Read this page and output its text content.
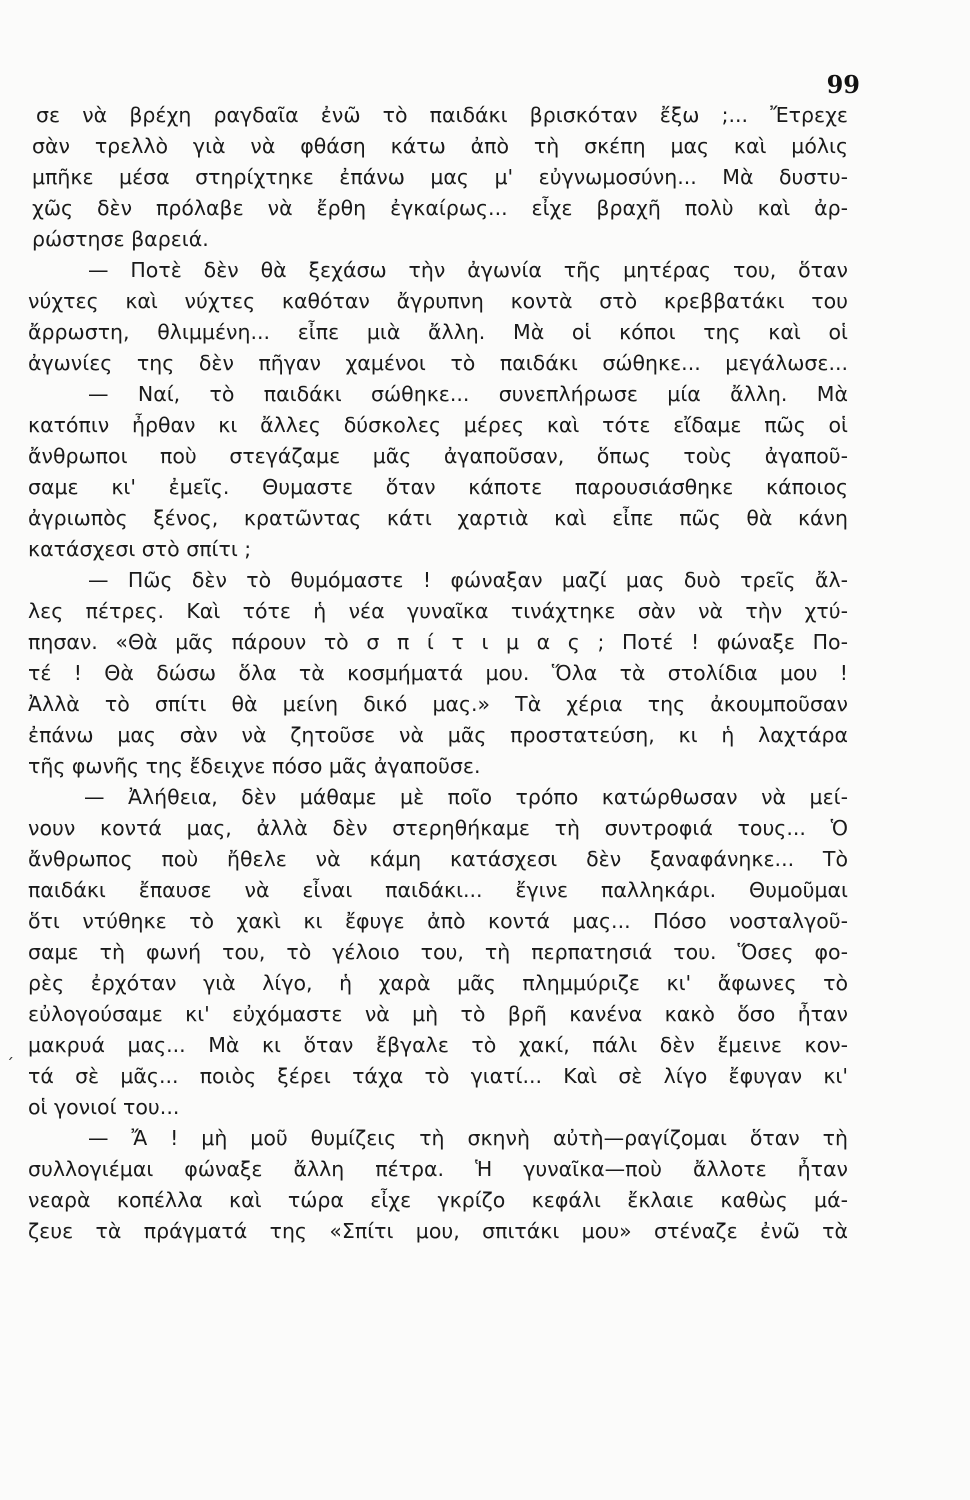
99
´
σε νὰ βρέχη ραγδαῖα ἐνῶ τὸ παιδάκι βρισκόταν ἔξω ;... Ἔτρεχε
σὰν τρελλὸ γιὰ νὰ φθάση κάτω ἀπὸ τὴ σκέπη μας καὶ μόλις
μπῆκε μέσα στηρίχτηκε ἐπάνω μας μ' εὐγνωμοσύνη... Μὰ δυστυ-
χῶς δὲν πρόλαβε νὰ ἔρθη ἐγκαίρως... εἶχε βραχῆ πολὺ καὶ ἀρ-
ρώστησε βαρειά.
— Ποτὲ δὲν θὰ ξεχάσω τὴν ἀγωνία τῆς μητέρας του, ὅταν
νύχτες καὶ νύχτες καθόταν ἄγρυπνη κοντὰ στὸ κρεββατάκι του
ἄρρωστη, θλιμμένη... εἶπε μιὰ ἄλλη. Μὰ οἱ κόποι της καὶ οἱ
ἀγωνίες της δὲν πῆγαν χαμένοι τὸ παιδάκι σώθηκε... μεγάλωσε...
— Ναί, τὸ παιδάκι σώθηκε... συνεπλήρωσε μία ἄλλη. Μὰ
κατόπιν ἦρθαν κι ἄλλες δύσκολες μέρες καὶ τότε εἴδαμε πῶς οἱ
ἄνθρωποι ποὺ στεγάζαμε μᾶς ἀγαποῦσαν, ὅπως τοὺς ἀγαποῦ-
σαμε κι' ἐμεῖς. Θυμαστε ὅταν κάποτε παρουσιάσθηκε κάποιος
ἀγριωπὸς ξένος, κρατῶντας κάτι χαρτιὰ καὶ εἶπε πῶς θὰ κάνη
κατάσχεσι στὸ σπίτι ;
— Πῶς δὲν τὸ θυμόμαστε ! φώναξαν μαζί μας δυὸ τρεῖς ἄλ-
λες πέτρες. Καὶ τότε ἡ νέα γυναῖκα τινάχτηκε σὰν νὰ τὴν χτύ-
πησαν. «Θὰ μᾶς πάρουν τὸ σ π ί τ ι μ α ς ; Ποτέ ! φώναξε Πο-
τέ ! Θὰ δώσω ὅλα τὰ κοσμήματά μου. Ὅλα τὰ στολίδια μου !
Ἀλλὰ τὸ σπίτι θὰ μείνη δικό μας.» Τὰ χέρια της ἀκουμποῦσαν
ἐπάνω μας σὰν νὰ ζητοῦσε νὰ μᾶς προστατεύση, κι ἡ λαχτάρα
τῆς φωνῆς της ἔδειχνε πόσο μᾶς ἀγαποῦσε.
— Ἀλήθεια, δὲν μάθαμε μὲ ποῖο τρόπο κατώρθωσαν νὰ μεί-
νουν κοντά μας, ἀλλὰ δὲν στερηθήκαμε τὴ συντροφιά τους... Ὁ
ἄνθρωπος ποὺ ἤθελε νὰ κάμη κατάσχεσι δὲν ξαναφάνηκε... Τὸ
παιδάκι ἔπαυσε νὰ εἶναι παιδάκι... ἔγινε παλληκάρι. Θυμοῦμαι
ὅτι ντύθηκε τὸ χακὶ κι ἔφυγε ἀπὸ κοντά μας... Πόσο νοσταλγοῦ-
σαμε τὴ φωνή του, τὸ γέλοιο του, τὴ περπατησιά του. Ὅσες φο-
ρὲς ἐρχόταν γιὰ λίγο, ἡ χαρὰ μᾶς πλημμύριζε κι' ἄφωνες τὸ
εὐλογούσαμε κι' εὐχόμαστε νὰ μὴ τὸ βρῆ κανένα κακὸ ὅσο ἦταν
μακρυά μας... Μὰ κι ὅταν ἔβγαλε τὸ χακί, πάλι δὲν ἔμεινε κον-
τά σὲ μᾶς... ποιὸς ξέρει τάχα τὸ γιατί... Καὶ σὲ λίγο ἔφυγαν κι'
οἱ γονιοί του...
— Ἄ ! μὴ μοῦ θυμίζεις τὴ σκηνὴ αὐτὴ—ραγίζομαι ὅταν τὴ
συλλογιέμαι φώναξε ἄλλη πέτρα. Ἡ γυναῖκα—ποὺ ἄλλοτε ἦταν
νεαρὰ κοπέλλα καὶ τώρα εἶχε γκρίζο κεφάλι ἔκλαιε καθὼς μά-
ζευε τὰ πράγματά της «Σπίτι μου, σπιτάκι μου» στέναζε ἐνῶ τὰ
